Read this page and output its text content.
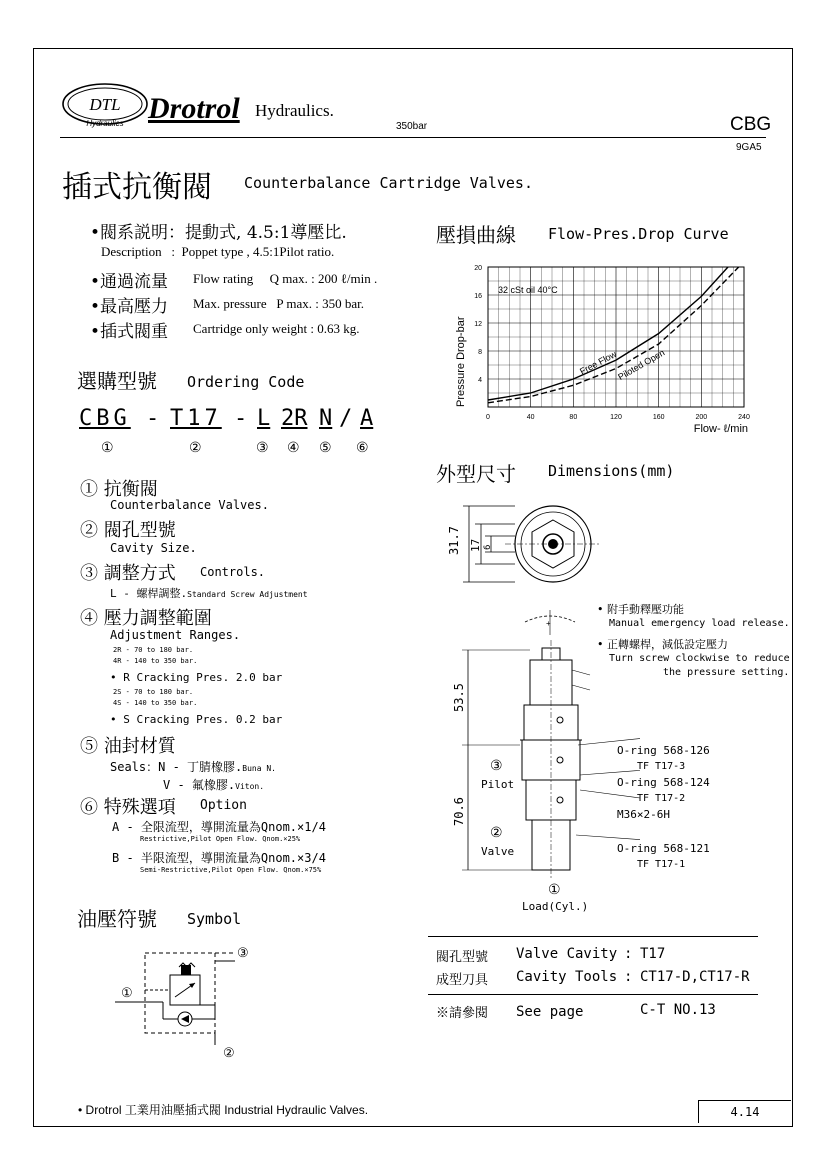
DTL
Hydraulics Drotrol Hydraulics.
350bar	CBG
9GA5
插式抗衡閥 Counterbalance Cartridge Valves.
•閥系説明：提動式, 4.5:1導壓比.
Description : Poppet type , 4.5:1Pilot ratio.
•通過流量 Flow rating Q max. : 200 ℓ/min .
•最高壓力 Max. pressure P max. : 350 bar.
•插式閥重 Cartridge only weight : 0.63 kg.
選購型號 Ordering Code
CBG - T17 - L 2R N / A
①	②	③ ④ ⑤ ⑥
① 抗衡閥
Counterbalance Valves.
② 閥孔型號
Cavity Size.
③ 調整方式 Controls.
L - 螺桿調整.Standard Screw Adjustment
④ 壓力調整範圍
Adjustment Ranges.
2R - 70 to 180 bar.
4R - 140 to 350 bar.
• R Cracking Pres. 2.0 bar
2S - 70 to 180 bar.
4S - 140 to 350 bar.
• S Cracking Pres. 0.2 bar
⑤ 油封材質
Seals：N - 丁腈橡膠.Buna N.
V - 氟橡膠.Viton.
⑥ 特殊選項 Option
A - 全限流型，導開流量為Qnom.×1/4
Restrictive,Pilot Open Flow. Qnom.×25%
B - 半限流型，導開流量為Qnom.×3/4
Semi-Restrictive,Pilot Open Flow. Qnom.×75%
油壓符號 Symbol
③
①
②
壓損曲線 Flow-Pres.Drop Curve
0	40	80	120	160	200	240
4
8
12
16
20
Pressure Drop-bar
Flow- ℓ/min
32 cSt oil 40°C
Free Flow
Piloted Open
外型尺寸 Dimensions(mm)
31.7 17 6
• 附手動釋壓功能
Manual emergency load release.
• 正轉螺桿，減低設定壓力
Turn screw clockwise to reduce
the pressure setting.
+
53.5
70.6
O-ring 568-126
TF T17-3
O-ring 568-124
TF T17-2
M36×2-6H
O-ring 568-121
TF T17-1
③
Pilot
②
Valve
①
Load(Cyl.)
閥孔型號 Valve Cavity : T17
成型刀具 Cavity Tools : CT17-D,CT17-R
※請參閱 See page	C-T NO.13
• Drotrol 工業用油壓插式閥 Industrial Hydraulic Valves.	4.14
